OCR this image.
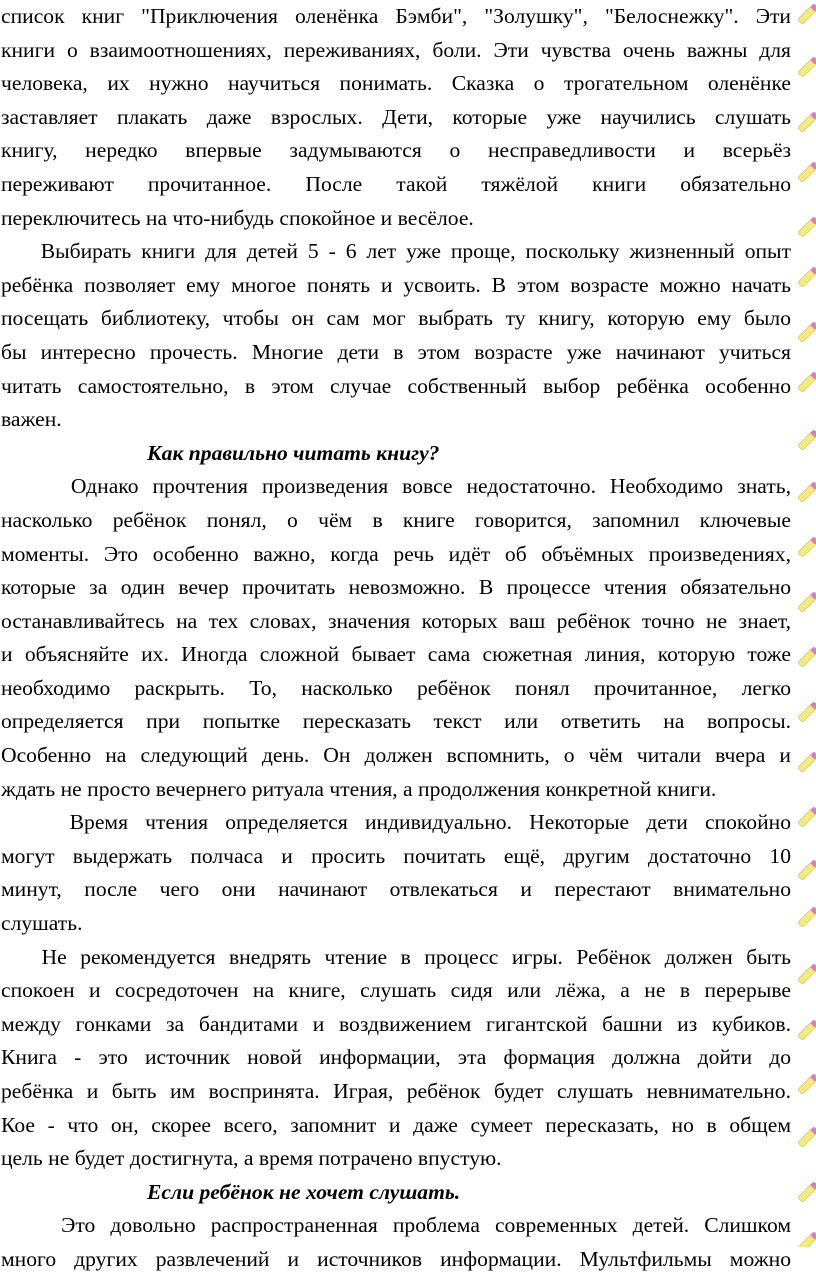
список книг "Приключения оленёнка Бэмби", "Золушку", "Белоснежку". Эти
книги о взаимоотношениях, переживаниях, боли. Эти чувства очень важны для
человека, их нужно научиться понимать. Сказка о трогательном оленёнке
заставляет плакать даже взрослых. Дети, которые уже научились слушать
книгу, нередко впервые задумываются о несправедливости и всерьёз
переживают прочитанное. После такой тяжёлой книги обязательно
переключитесь на что-нибудь спокойное и весёлое.
Выбирать книги для детей 5 - 6 лет уже проще, поскольку жизненный опыт
ребёнка позволяет ему многое понять и усвоить. В этом возрасте можно начать
посещать библиотеку, чтобы он сам мог выбрать ту книгу, которую ему было
бы интересно прочесть. Многие дети в этом возрасте уже начинают учиться
читать самостоятельно, в этом случае собственный выбор ребёнка особенно
важен.
Как правильно читать книгу?
Однако прочтения произведения вовсе недостаточно. Необходимо знать,
насколько ребёнок понял, о чём в книге говорится, запомнил ключевые
моменты. Это особенно важно, когда речь идёт об объёмных произведениях,
которые за один вечер прочитать невозможно. В процессе чтения обязательно
останавливайтесь на тех словах, значения которых ваш ребёнок точно не знает,
и объясняйте их. Иногда сложной бывает сама сюжетная линия, которую тоже
необходимо раскрыть. То, насколько ребёнок понял прочитанное, легко
определяется при попытке пересказать текст или ответить на вопросы.
Особенно на следующий день. Он должен вспомнить, о чём читали вчера и
ждать не просто вечернего ритуала чтения, а продолжения конкретной книги.
Время чтения определяется индивидуально. Некоторые дети спокойно
могут выдержать полчаса и просить почитать ещё, другим достаточно 10
минут, после чего они начинают отвлекаться и перестают внимательно
слушать.
Не рекомендуется внедрять чтение в процесс игры. Ребёнок должен быть
спокоен и сосредоточен на книге, слушать сидя или лёжа, а не в перерыве
между гонками за бандитами и воздвижением гигантской башни из кубиков.
Книга - это источник новой информации, эта формация должна дойти до
ребёнка и быть им воспринята. Играя, ребёнок будет слушать невнимательно.
Кое - что он, скорее всего, запомнит и даже сумеет пересказать, но в общем
цель не будет достигнута, а время потрачено впустую.
Если ребёнок не хочет слушать.
Это довольно распространенная проблема современных детей. Слишком
много других развлечений и источников информации. Мультфильмы можно
